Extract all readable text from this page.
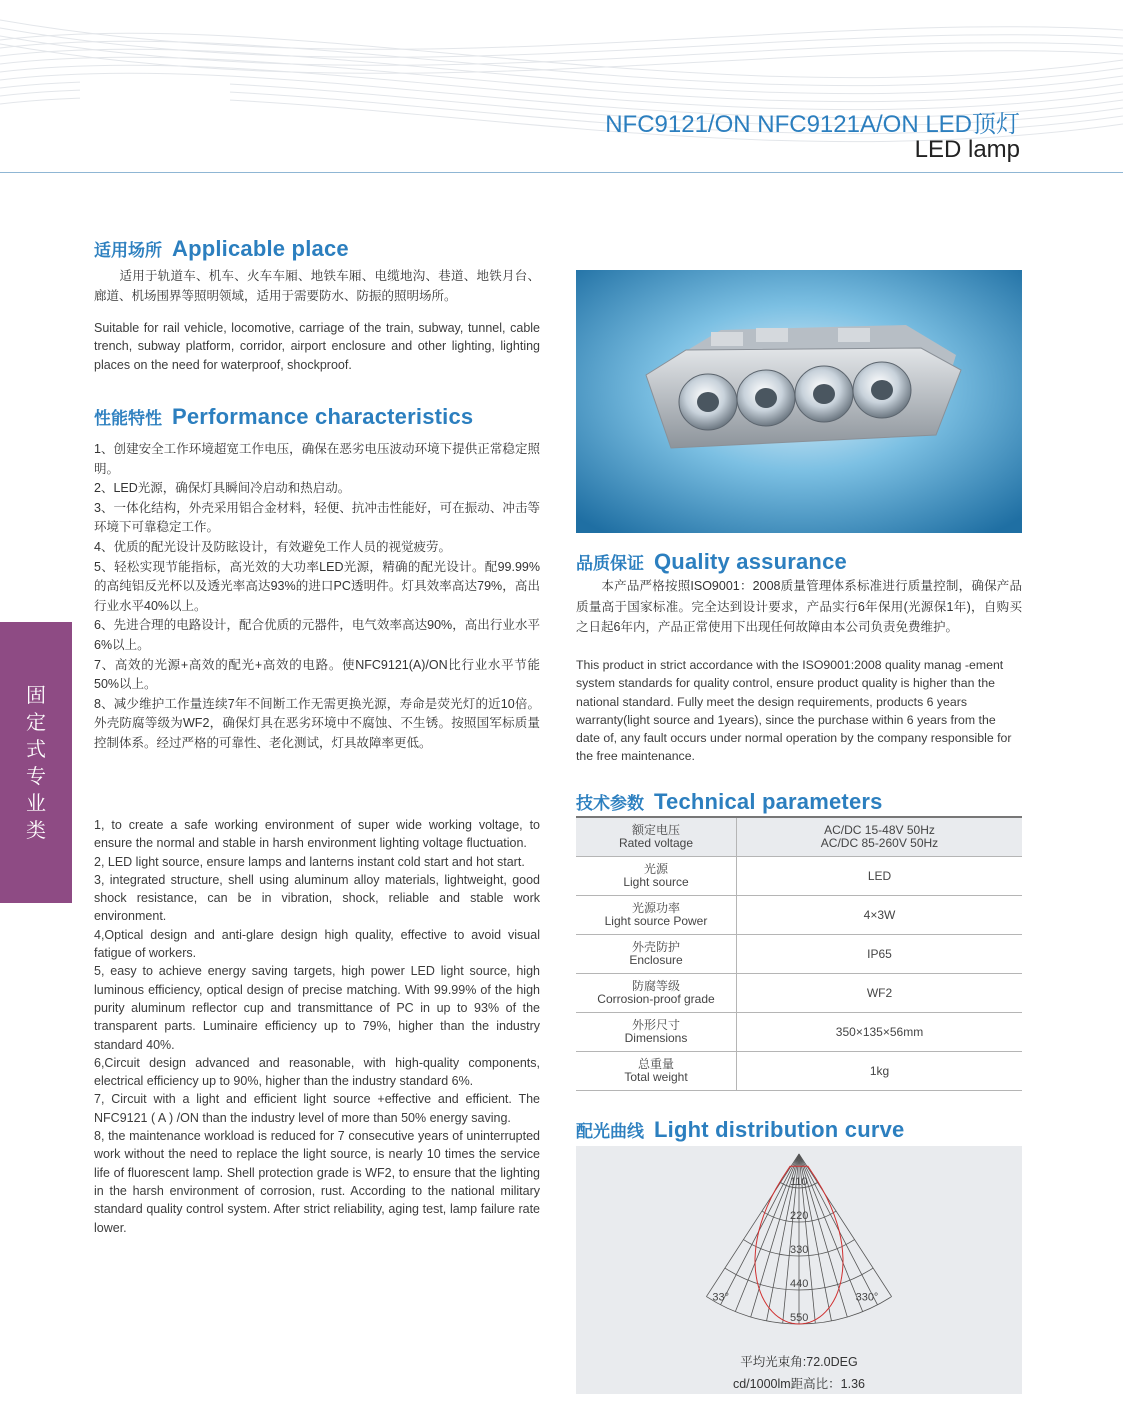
NFC9121/ON NFC9121A/ON LED顶灯
LED lamp
固
定
式
专
业
类
适用场所 Applicable place
　　适用于轨道车、机车、火车车厢、地铁车厢、电缆地沟、巷道、地铁月台、廊道、机场围界等照明领域，适用于需要防水、防振的照明场所。
Suitable for rail vehicle, locomotive, carriage of the train, subway, tunnel, cable trench, subway platform, corridor, airport enclosure and other lighting, lighting places on the need for waterproof, shockproof.
性能特性 Performance characteristics
1、创建安全工作环境超宽工作电压，确保在恶劣电压波动环境下提供正常稳定照明。
2、LED光源，确保灯具瞬间冷启动和热启动。
3、一体化结构，外壳采用铝合金材料，轻便、抗冲击性能好，可在振动、冲击等环境下可靠稳定工作。
4、优质的配光设计及防眩设计，有效避免工作人员的视觉疲劳。
5、轻松实现节能指标，高光效的大功率LED光源，精确的配光设计。配99.99%的高纯铝反光杯以及透光率高达93%的进口PC透明件。灯具效率高达79%，高出行业水平40%以上。
6、先进合理的电路设计，配合优质的元器件，电气效率高达90%，高出行业水平6%以上。
7、高效的光源+高效的配光+高效的电路。使NFC9121(A)/ON比行业水平节能50%以上。
8、减少维护工作量连续7年不间断工作无需更换光源，寿命是荧光灯的近10倍。外壳防腐等级为WF2，确保灯具在恶劣环境中不腐蚀、不生锈。按照国军标质量控制体系。经过严格的可靠性、老化测试，灯具故障率更低。
1, to create a safe working environment of super wide working voltage, to ensure the normal and stable in harsh environment lighting voltage fluctuation.
2, LED light source, ensure lamps and lanterns instant cold start and hot start.
3, integrated structure, shell using aluminum alloy materials, lightweight, good shock resistance, can be in vibration, shock, reliable and stable work environment.
4,Optical design and anti-glare design high quality, effective to avoid visual fatigue of workers.
5, easy to achieve energy saving targets, high power LED light source, high luminous efficiency, optical design of precise matching. With 99.99% of the high purity aluminum reflector cup and transmittance of PC in up to 93% of the transparent parts. Luminaire efficiency up to 79%, higher than the industry standard 40%.
6,Circuit design advanced and reasonable, with high-quality components, electrical efficiency up to 90%, higher than the industry standard 6%.
7, Circuit with a light and efficient light source +effective and efficient. The NFC9121 ( A ) /ON than the industry level of more than 50% energy saving.
8, the maintenance workload is reduced for 7 consecutive years of uninterrupted work without the need to replace the light source, is nearly 10 times the service life of fluorescent lamp. Shell protection grade is WF2, to ensure that the lighting in the harsh environment of corrosion, rust. According to the national military standard quality control system. After strict reliability, aging test, lamp failure rate lower.
品质保证 Quality assurance
　　本产品严格按照ISO9001：2008质量管理体系标准进行质量控制，确保产品质量高于国家标准。完全达到设计要求，产品实行6年保用(光源保1年)，自购买之日起6年内，产品正常使用下出现任何故障由本公司负责免费维护。
This product in strict accordance with the ISO9001:2008 quality manag -ement system standards for quality control, ensure product quality is higher than the national standard. Fully meet the design requirements, products 6 years warranty(light source and 1years), since the purchase within 6 years from the date of, any fault occurs under normal operation by the company responsible for the free maintenance.
技术参数 Technical parameters
额定电压
Rated voltage	AC/DC 15-48V 50Hz
AC/DC 85-260V 50Hz
光源
Light source	LED
光源功率
Light source Power	4×3W
外壳防护
Enclosure	IP65
防腐等级
Corrosion-proof grade	WF2
外形尺寸
Dimensions	350×135×56mm
总重量
Total weight	1kg
配光曲线 Light distribution curve
110
220
330
440
550
330°
33°
平均光束角:72.0DEG
cd/1000lm距高比：1.36
